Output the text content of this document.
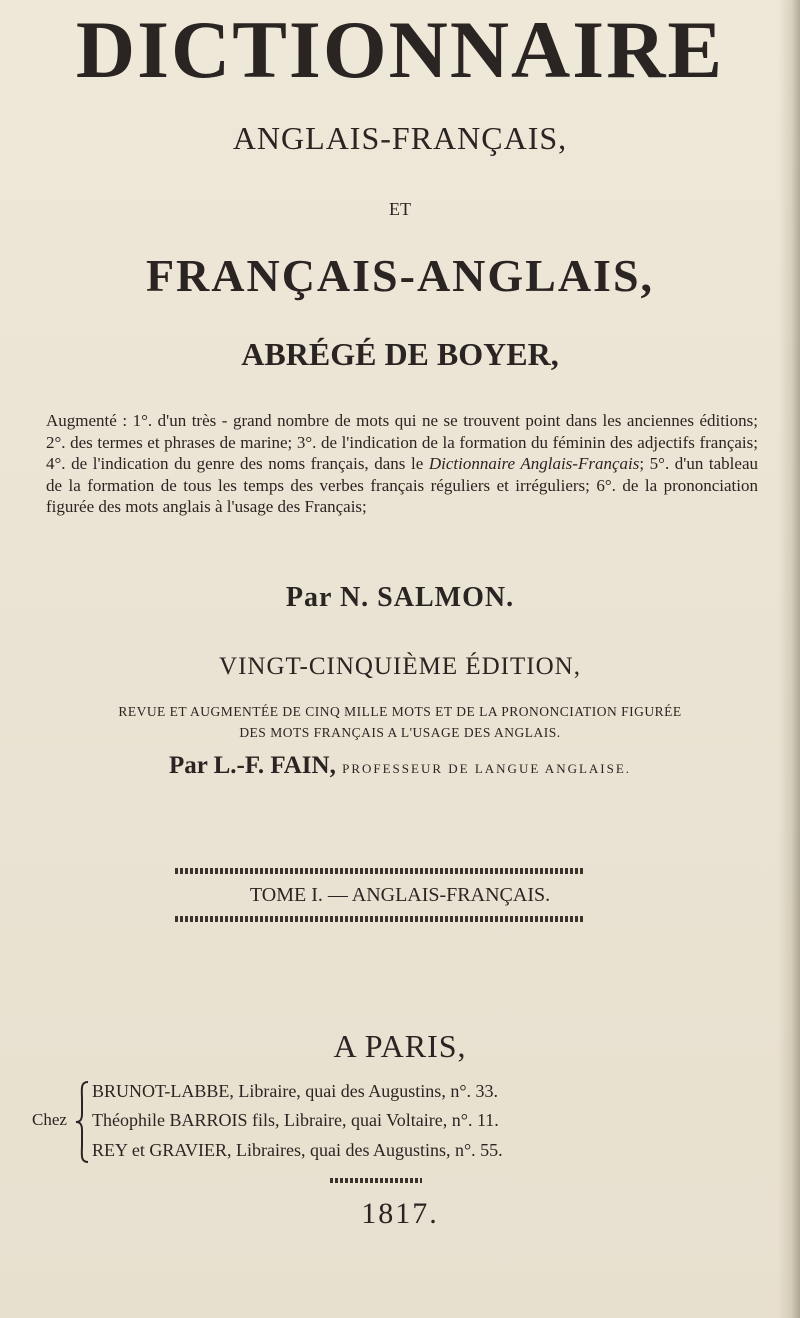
DICTIONNAIRE
ANGLAIS-FRANÇAIS,
ET
FRANÇAIS-ANGLAIS,
ABRÉGÉ DE BOYER,
Augmenté : 1°. d'un très - grand nombre de mots qui ne se trouvent point dans les anciennes éditions; 2°. des termes et phrases de marine; 3°. de l'indication de la formation du féminin des adjectifs français; 4°. de l'indication du genre des noms français, dans le Dictionnaire Anglais-Français; 5°. d'un tableau de la formation de tous les temps des verbes français réguliers et irréguliers; 6°. de la prononciation figurée des mots anglais à l'usage des Français;
Par N. SALMON.
VINGT-CINQUIÈME ÉDITION,
REVUE ET AUGMENTÉE DE CINQ MILLE MOTS ET DE LA PRONONCIATION FIGURÉE
DES MOTS FRANÇAIS A L'USAGE DES ANGLAIS.
Par L.-F. FAIN, PROFESSEUR DE LANGUE ANGLAISE.
TOME I. — ANGLAIS-FRANÇAIS.
A PARIS,
Chez
BRUNOT-LABBE, Libraire, quai des Augustins, n°. 33.
Théophile BARROIS fils, Libraire, quai Voltaire, n°. 11.
REY et GRAVIER, Libraires, quai des Augustins, n°. 55.
1817.
